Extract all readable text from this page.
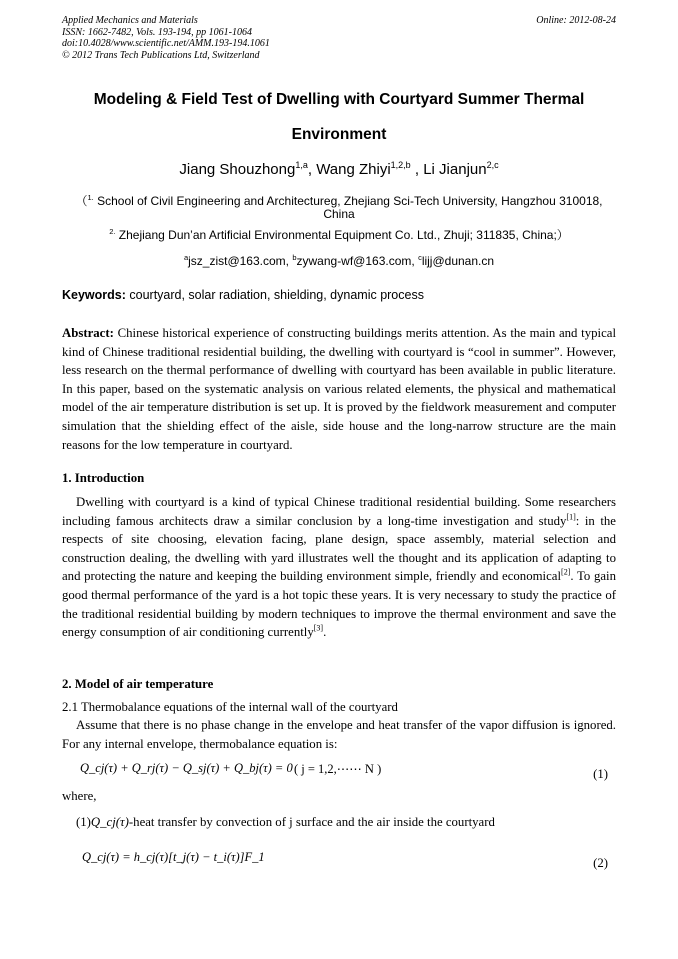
Applied Mechanics and Materials
ISSN: 1662-7482, Vols. 193-194, pp 1061-1064
doi:10.4028/www.scientific.net/AMM.193-194.1061
© 2012 Trans Tech Publications Ltd, Switzerland
Online: 2012-08-24
Modeling & Field Test of Dwelling with Courtyard Summer Thermal
Environment
Jiang Shouzhong$^{1,a}$, Wang Zhiyi$^{1,2,b}$ , Li Jianjun$^{2,c}$
（$^{1.}$ School of Civil Engineering and Architectureg, Zhejiang Sci-Tech University, Hangzhou 310018,
China
$^{2.}$ Zhejiang Dun’an Artificial Environmental Equipment Co. Ltd., Zhuji; 311835, China;）
$^a$jsz_zist@163.com, $^b$zywang-wf@163.com, $^c$lijj@dunan.cn
Keywords: courtyard, solar radiation, shielding, dynamic process
Abstract: Chinese historical experience of constructing buildings merits attention. As the main and typical kind of Chinese traditional residential building, the dwelling with courtyard is “cool in summer”. However, less research on the thermal performance of dwelling with courtyard has been available in public literature. In this paper, based on the systematic analysis on various related elements, the physical and mathematical model of the air temperature distribution is set up. It is proved by the fieldwork measurement and computer simulation that the shielding effect of the aisle, side house and the long-narrow structure are the main reasons for the low temperature in courtyard.
1. Introduction
Dwelling with courtyard is a kind of typical Chinese traditional residential building. Some researchers including famous architects draw a similar conclusion by a long-time investigation and study[1]: in the respects of site choosing, elevation facing, plane design, space assembly, material selection and construction dealing, the dwelling with yard illustrates well the thought and its application of adapting to and protecting the nature and keeping the building environment simple, friendly and economical[2]. To gain good thermal performance of the yard is a hot topic these years. It is very necessary to study the practice of the traditional residential building by modern techniques to improve the thermal environment and save the energy consumption of air conditioning currently[3].
2. Model of air temperature
2.1 Thermobalance equations of the internal wall of the courtyard
Assume that there is no phase change in the envelope and heat transfer of the vapor diffusion is ignored. For any internal envelope, thermobalance equation is:
Q_cj(τ) + Q_rj(τ) − Q_sj(τ) + Q_bj(τ) = 0 ( j = 1,2,⋯⋯ N )	(1)
where,
(1)Q_cj(τ)-heat transfer by convection of j surface and the air inside the courtyard
Q_cj(τ) = h_cj(τ)[t_j(τ) − t_i(τ)]F_1	(2)
